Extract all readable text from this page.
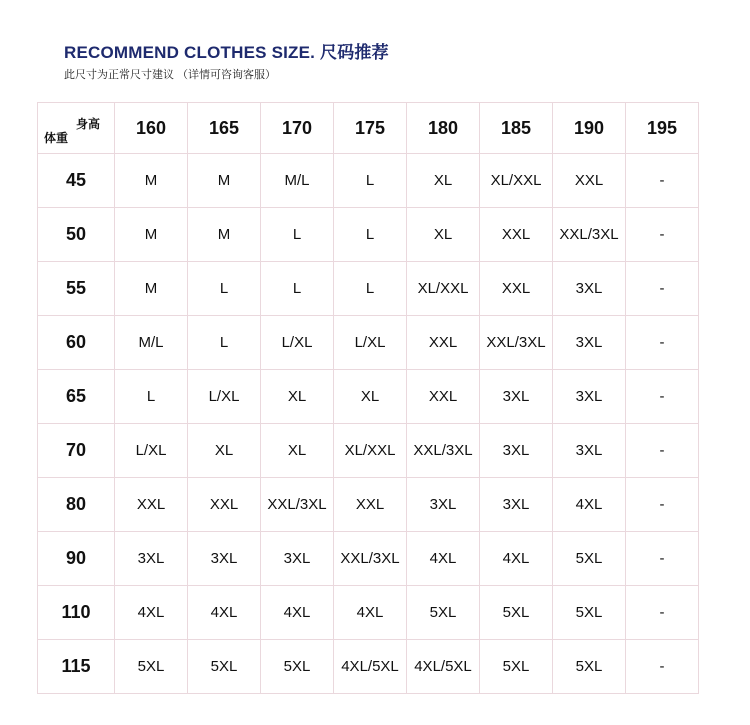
RECOMMEND CLOTHES SIZE. 尺码推荐
此尺寸为正常尺寸建议 （详情可咨询客服）
身高
体重	160	165	170	175	180	185	190	195
45	M	M	M/L	L	XL	XL/XXL	XXL	-
50	M	M	L	L	XL	XXL	XXL/3XL	-
55	M	L	L	L	XL/XXL	XXL	3XL	-
60	M/L	L	L/XL	L/XL	XXL	XXL/3XL	3XL	-
65	L	L/XL	XL	XL	XXL	3XL	3XL	-
70	L/XL	XL	XL	XL/XXL	XXL/3XL	3XL	3XL	-
80	XXL	XXL	XXL/3XL	XXL	3XL	3XL	4XL	-
90	3XL	3XL	3XL	XXL/3XL	4XL	4XL	5XL	-
110	4XL	4XL	4XL	4XL	5XL	5XL	5XL	-
115	5XL	5XL	5XL	4XL/5XL	4XL/5XL	5XL	5XL	-
